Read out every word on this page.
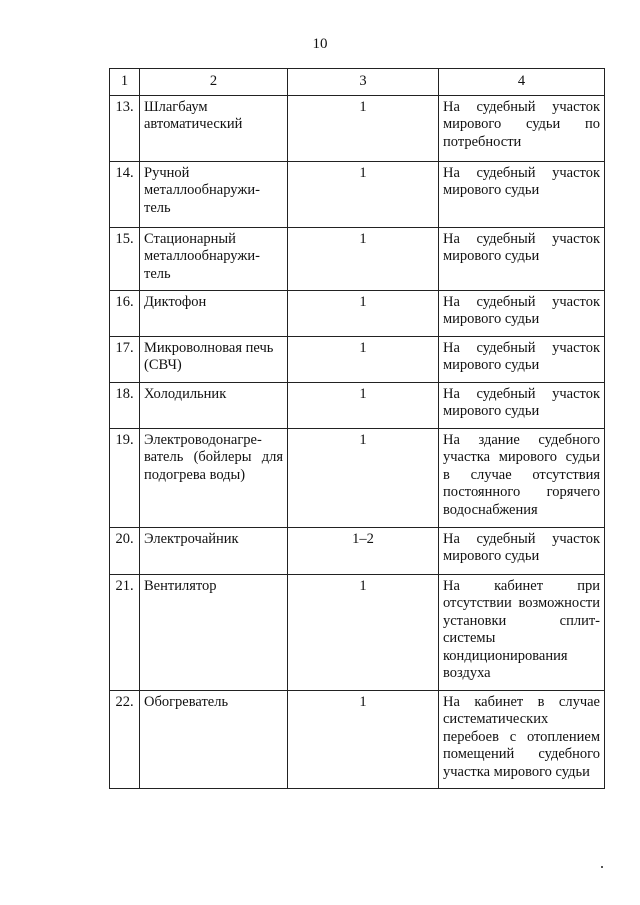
10
1	2	3	4
13.	Шлагбаум автоматический	1	На судебный участок мирового судьи по потребности
14.	Ручной металлообнаружи-тель	1	На судебный участок мирового судьи
15.	Стационарный металлообнаружи-тель	1	На судебный участок мирового судьи
16.	Диктофон	1	На судебный участок мирового судьи
17.	Микроволновая печь (СВЧ)	1	На судебный участок мирового судьи
18.	Холодильник	1	На судебный участок мирового судьи
19.	Электроводонагре-ватель (бойлеры для подогрева воды)	1	На здание судебного участка мирового судьи в случае отсутствия постоянного горячего водоснабжения
20.	Электрочайник	1–2	На судебный участок мирового судьи
21.	Вентилятор	1	На кабинет при отсутствии возможности установки сплит-системы кондиционирования воздуха
22.	Обогреватель	1	На кабинет в случае систематических перебоев с отоплением помещений судебного участка мирового судьи
